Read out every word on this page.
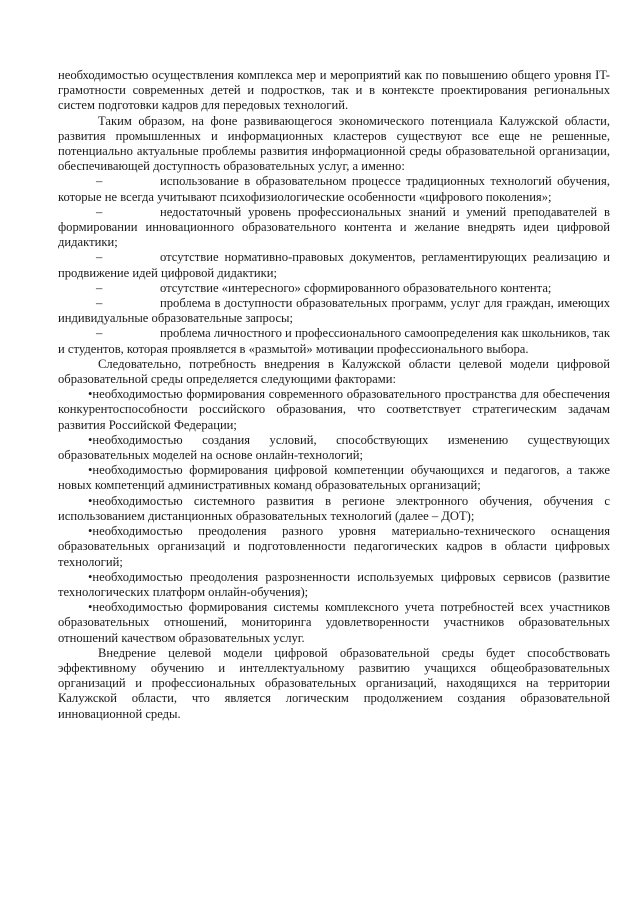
необходимостью осуществления комплекса мер и мероприятий как по повышению общего уровня IT-грамотности современных детей и подростков, так и в контексте проектирования региональных систем подготовки кадров для передовых технологий.

Таким образом, на фоне развивающегося экономического потенциала Калужской области, развития промышленных и информационных кластеров существуют все еще не решенные, потенциально актуальные проблемы развития информационной среды образовательной организации, обеспечивающей доступность образовательных услуг, а именно:

–	использование в образовательном процессе традиционных технологий обучения, которые не всегда учитывают психофизиологические особенности «цифрового поколения»;

–	недостаточный уровень профессиональных знаний и умений преподавателей в формировании инновационного образовательного контента и желание внедрять идеи цифровой дидактики;

–	отсутствие нормативно-правовых документов, регламентирующих реализацию и продвижение идей цифровой дидактики;

–	отсутствие «интересного» сформированного образовательного контента;

–	проблема в доступности образовательных программ, услуг для граждан, имеющих индивидуальные образовательные запросы;

–	проблема личностного и профессионального самоопределения как школьников, так и студентов, которая проявляется в «размытой» мотивации профессионального выбора.

Следовательно, потребность внедрения в Калужской области целевой модели цифровой образовательной среды определяется следующими факторами:

•необходимостью формирования современного образовательного пространства для обеспечения конкурентоспособности российского образования, что соответствует стратегическим задачам развития Российской Федерации;

•необходимостью создания условий, способствующих изменению существующих образовательных моделей на основе онлайн-технологий;

•необходимостью формирования цифровой компетенции обучающихся и педагогов, а также новых компетенций административных команд образовательных организаций;

•необходимостью системного развития в регионе электронного обучения, обучения с использованием дистанционных образовательных технологий (далее – ДОТ);

•необходимостью преодоления разного уровня материально-технического оснащения образовательных организаций и подготовленности педагогических кадров в области цифровых технологий;

•необходимостью преодоления разрозненности используемых цифровых сервисов (развитие технологических платформ онлайн-обучения);

•необходимостью формирования системы комплексного учета потребностей всех участников образовательных отношений, мониторинга удовлетворенности участников образовательных отношений качеством образовательных услуг.

Внедрение целевой модели цифровой образовательной среды будет способствовать эффективному обучению и интеллектуальному развитию учащихся общеобразовательных организаций и профессиональных образовательных организаций, находящихся на территории Калужской области, что является логическим продолжением создания образовательной инновационной среды.
